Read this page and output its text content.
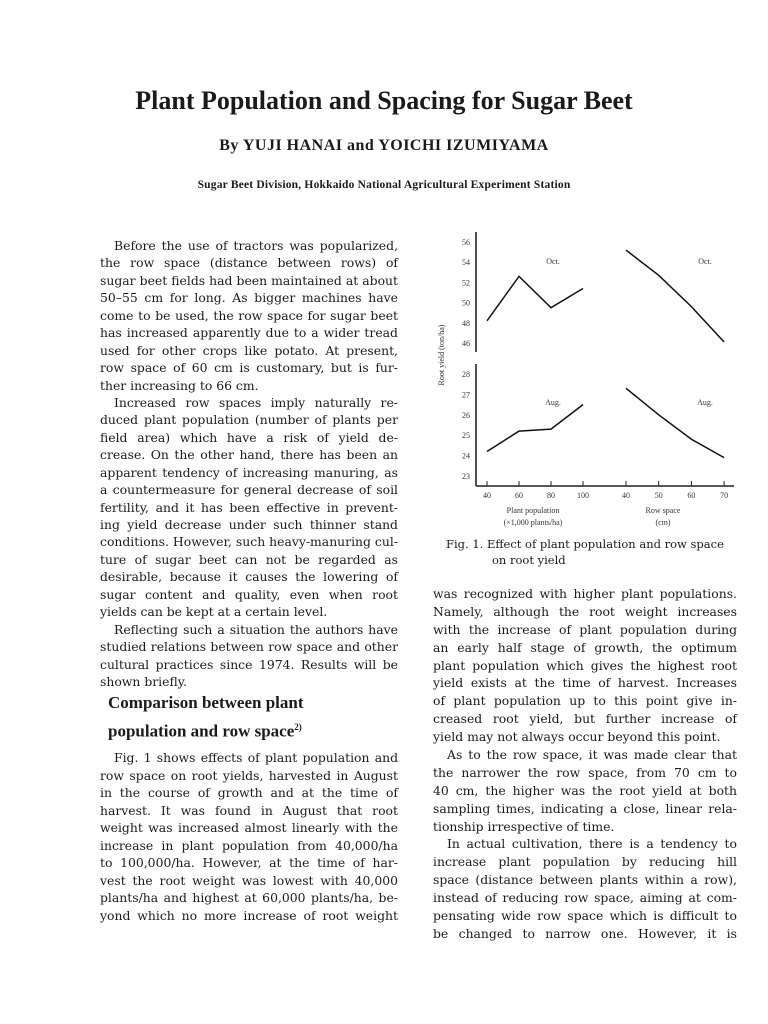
Plant Population and Spacing for Sugar Beet
By YUJI HANAI and YOICHI IZUMIYAMA
Sugar Beet Division, Hokkaido National Agricultural Experiment Station
Before the use of tractors was popularized,
the row space (distance between rows) of
sugar beet fields had been maintained at about
50–55 cm for long. As bigger machines have
come to be used, the row space for sugar beet
has increased apparently due to a wider tread
used for other crops like potato. At present,
row space of 60 cm is customary, but is fur-
ther increasing to 66 cm.
Increased row spaces imply naturally re-
duced plant population (number of plants per
field area) which have a risk of yield de-
crease. On the other hand, there has been an
apparent tendency of increasing manuring, as
a countermeasure for general decrease of soil
fertility, and it has been effective in prevent-
ing yield decrease under such thinner stand
conditions. However, such heavy-manuring cul-
ture of sugar beet can not be regarded as
desirable, because it causes the lowering of
sugar content and quality, even when root
yields can be kept at a certain level.
Reflecting such a situation the authors have
studied relations between row space and other
cultural practices since 1974. Results will be
shown briefly.
Comparison between plant
population and row space$^{2)}$
Fig. 1 shows effects of plant population and
row space on root yields, harvested in August
in the course of growth and at the time of
harvest. It was found in August that root
weight was increased almost linearly with the
increase in plant population from 40,000/ha
to 100,000/ha. However, at the time of har-
vest the root weight was lowest with 40,000
plants/ha and highest at 60,000 plants/ha, be-
yond which no more increase of root weight
was recognized with higher plant populations.
Namely, although the root weight increases
with the increase of plant population during
an early half stage of growth, the optimum
plant population which gives the highest root
yield exists at the time of harvest. Increases
of plant population up to this point give in-
creased root yield, but further increase of
yield may not always occur beyond this point.
As to the row space, it was made clear that
the narrower the row space, from 70 cm to
40 cm, the higher was the root yield at both
sampling times, indicating a close, linear rela-
tionship irrespective of time.
In actual cultivation, there is a tendency to
increase plant population by reducing hill
space (distance between plants within a row),
instead of reducing row space, aiming at com-
pensating wide row space which is difficult to
be changed to narrow one. However, it is
46
48
50
52
54
56
23
24
25
26
27
28
40	60	80	100	40	50	60	70
Oct.
Aug.
Oct.
Aug.
Root yield (ton/ha)
Plant population
(×1,000 plants/ha)
Row space
(cm)
Fig. 1. Effect of plant population and row space
on root yield
